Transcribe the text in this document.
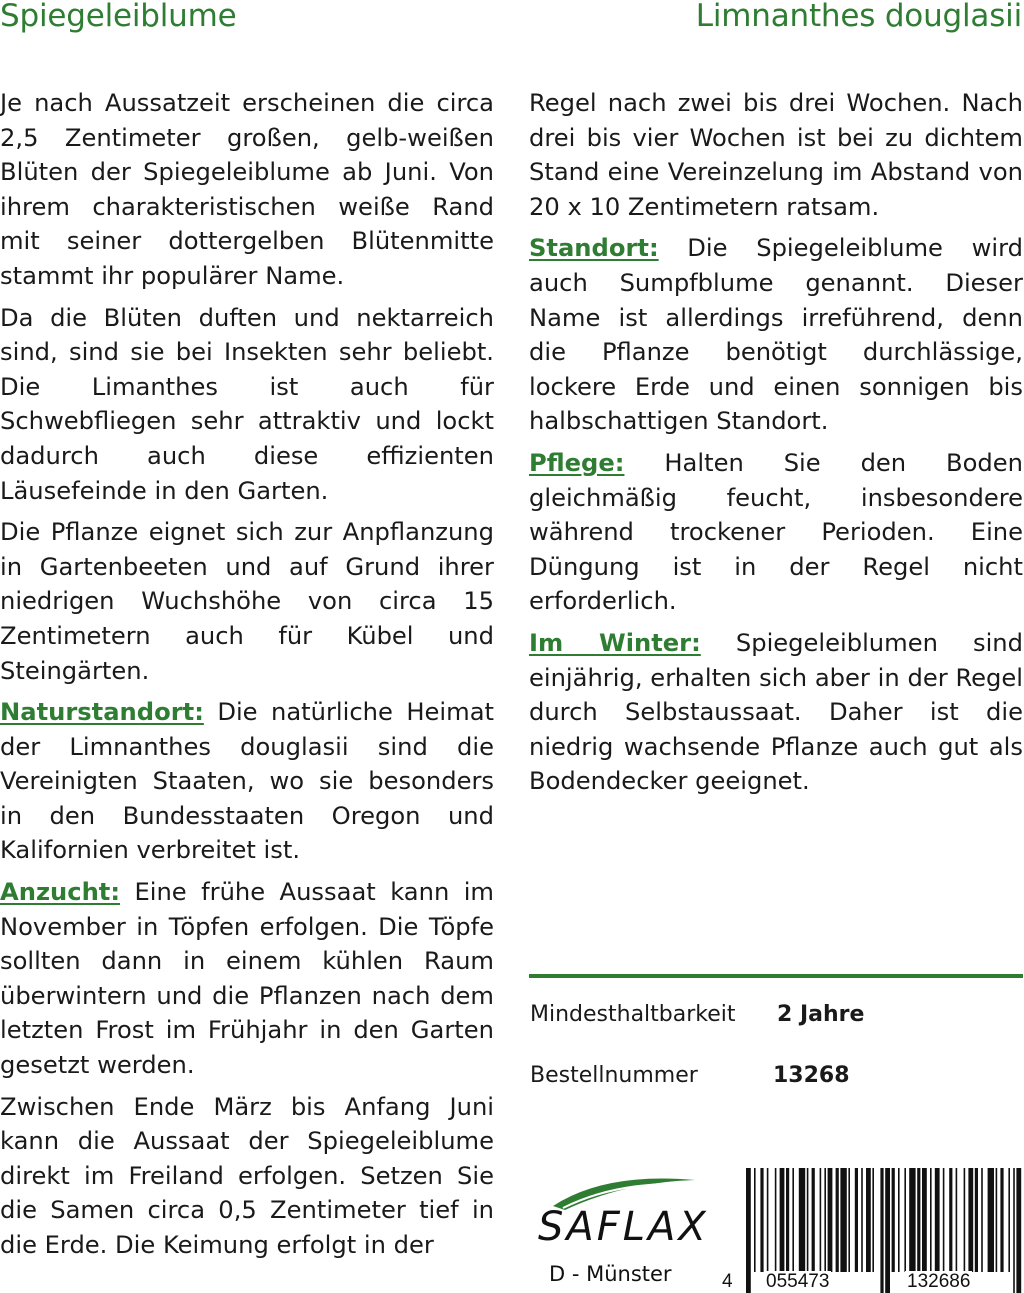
Spiegeleiblume	Limnanthes douglasii

Je nach Aussatzeit erscheinen die circa 2,5 Zentimeter großen, gelb-weißen Blüten der Spiegeleiblume ab Juni. Von ihrem charakteristischen weiße Rand mit seiner dottergelben Blütenmitte stammt ihr populärer Name.

Da die Blüten duften und nektarreich sind, sind sie bei Insekten sehr beliebt. Die Limanthes ist auch für Schwebfliegen sehr attraktiv und lockt dadurch auch diese effizienten Läusefeinde in den Garten.

Die Pflanze eignet sich zur Anpflanzung in Gartenbeeten und auf Grund ihrer niedrigen Wuchshöhe von circa 15 Zentimetern auch für Kübel und Steingärten.

Naturstandort: Die natürliche Heimat der Limnanthes douglasii sind die Vereinigten Staaten, wo sie besonders in den Bundesstaaten Oregon und Kalifornien verbreitet ist.

Anzucht: Eine frühe Aussaat kann im November in Töpfen erfolgen. Die Töpfe sollten dann in einem kühlen Raum überwintern und die Pflanzen nach dem letzten Frost im Frühjahr in den Garten gesetzt werden.

Zwischen Ende März bis Anfang Juni kann die Aussaat der Spiegeleiblume direkt im Freiland erfolgen. Setzen Sie die Samen circa 0,5 Zentimeter tief in die Erde. Die Keimung erfolgt in der

Regel nach zwei bis drei Wochen. Nach drei bis vier Wochen ist bei zu dichtem Stand eine Vereinzelung im Abstand von 20 x 10 Zentimetern ratsam.

Standort: Die Spiegeleiblume wird auch Sumpfblume genannt. Dieser Name ist allerdings irreführend, denn die Pflanze benötigt durchlässige, lockere Erde und einen sonnigen bis halbschattigen Standort.

Pflege: Halten Sie den Boden gleichmäßig feucht, insbesondere während trockener Perioden. Eine Düngung ist in der Regel nicht erforderlich.

Im Winter: Spiegeleiblumen sind einjährig, erhalten sich aber in der Regel durch Selbstaussaat. Daher ist die niedrig wachsende Pflanze auch gut als Bodendecker geeignet.

Mindesthaltbarkeit 2 Jahre
Bestellnummer	13268
SAFLAX
D - Münster	4 055473	132686
